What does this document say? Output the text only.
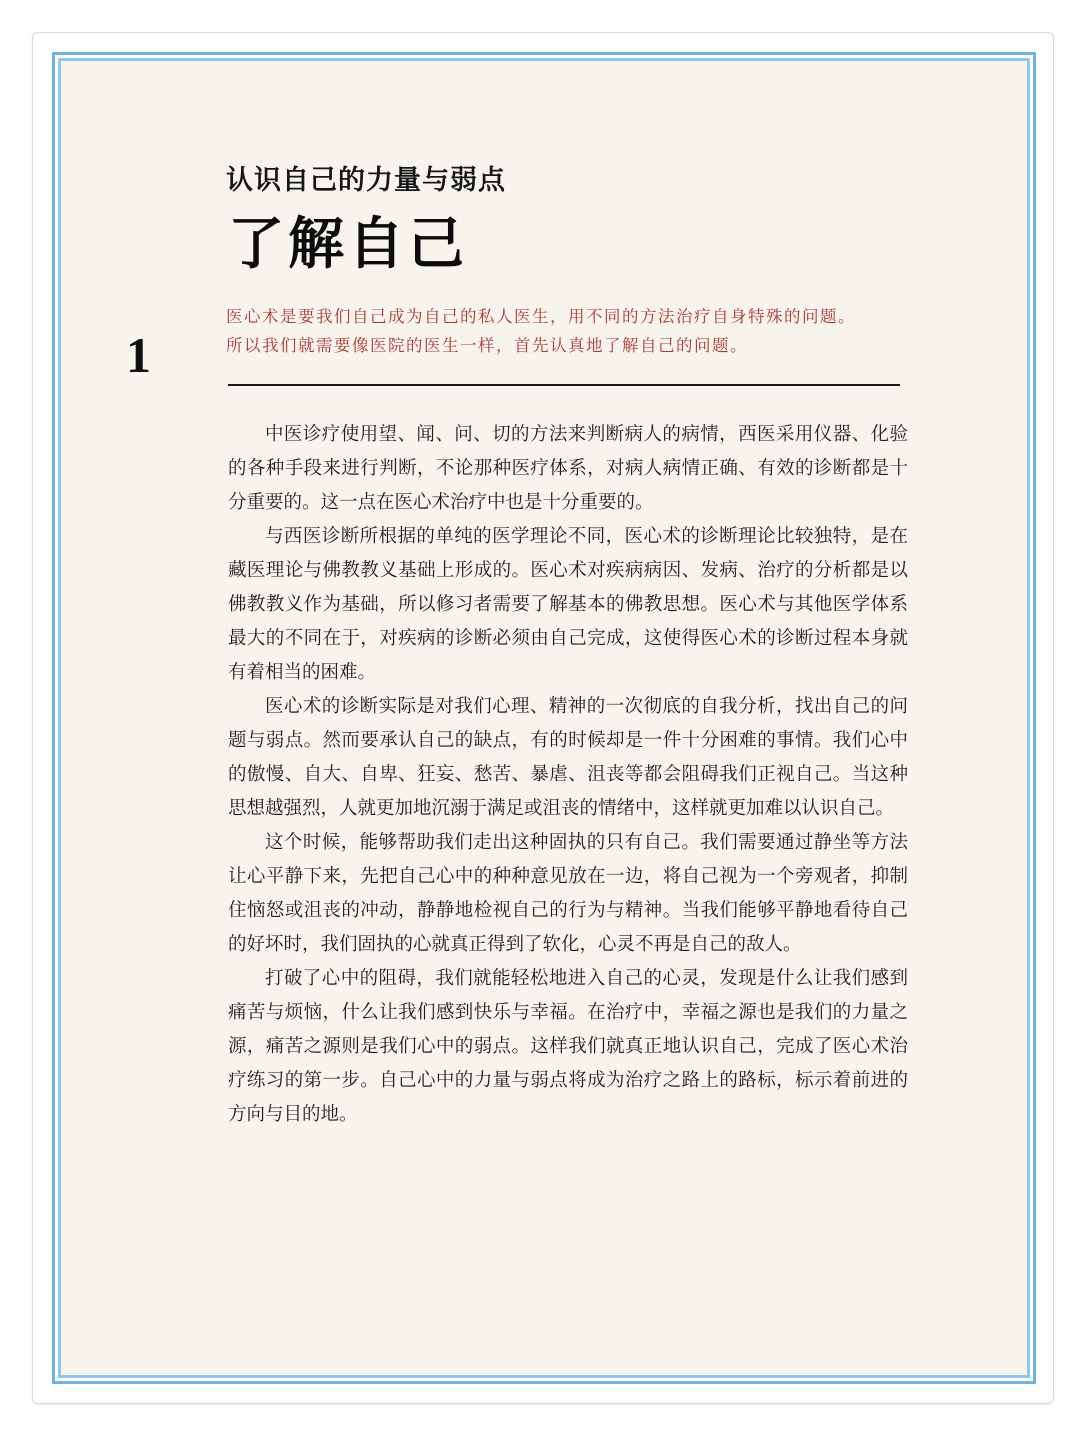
认识自己的力量与弱点
了解自己
1

医心术是要我们自己成为自己的私人医生，用不同的方法治疗自身特殊的问题。

所以我们就需要像医院的医生一样，首先认真地了解自己的问题。

中医诊疗使用望、闻、问、切的方法来判断病人的病情，西医采用仪器、化验的各种手段来进行判断，不论那种医疗体系，对病人病情正确、有效的诊断都是十分重要的。这一点在医心术治疗中也是十分重要的。

与西医诊断所根据的单纯的医学理论不同，医心术的诊断理论比较独特，是在藏医理论与佛教教义基础上形成的。医心术对疾病病因、发病、治疗的分析都是以佛教教义作为基础，所以修习者需要了解基本的佛教思想。医心术与其他医学体系最大的不同在于，对疾病的诊断必须由自己完成，这使得医心术的诊断过程本身就有着相当的困难。

医心术的诊断实际是对我们心理、精神的一次彻底的自我分析，找出自己的问题与弱点。然而要承认自己的缺点，有的时候却是一件十分困难的事情。我们心中的傲慢、自大、自卑、狂妄、愁苦、暴虐、沮丧等都会阻碍我们正视自己。当这种思想越强烈，人就更加地沉溺于满足或沮丧的情绪中，这样就更加难以认识自己。

这个时候，能够帮助我们走出这种固执的只有自己。我们需要通过静坐等方法让心平静下来，先把自己心中的种种意见放在一边，将自己视为一个旁观者，抑制住恼怒或沮丧的冲动，静静地检视自己的行为与精神。当我们能够平静地看待自己的好坏时，我们固执的心就真正得到了软化，心灵不再是自己的敌人。

打破了心中的阻碍，我们就能轻松地进入自己的心灵，发现是什么让我们感到痛苦与烦恼，什么让我们感到快乐与幸福。在治疗中，幸福之源也是我们的力量之源，痛苦之源则是我们心中的弱点。这样我们就真正地认识自己，完成了医心术治疗练习的第一步。自己心中的力量与弱点将成为治疗之路上的路标，标示着前进的方向与目的地。
